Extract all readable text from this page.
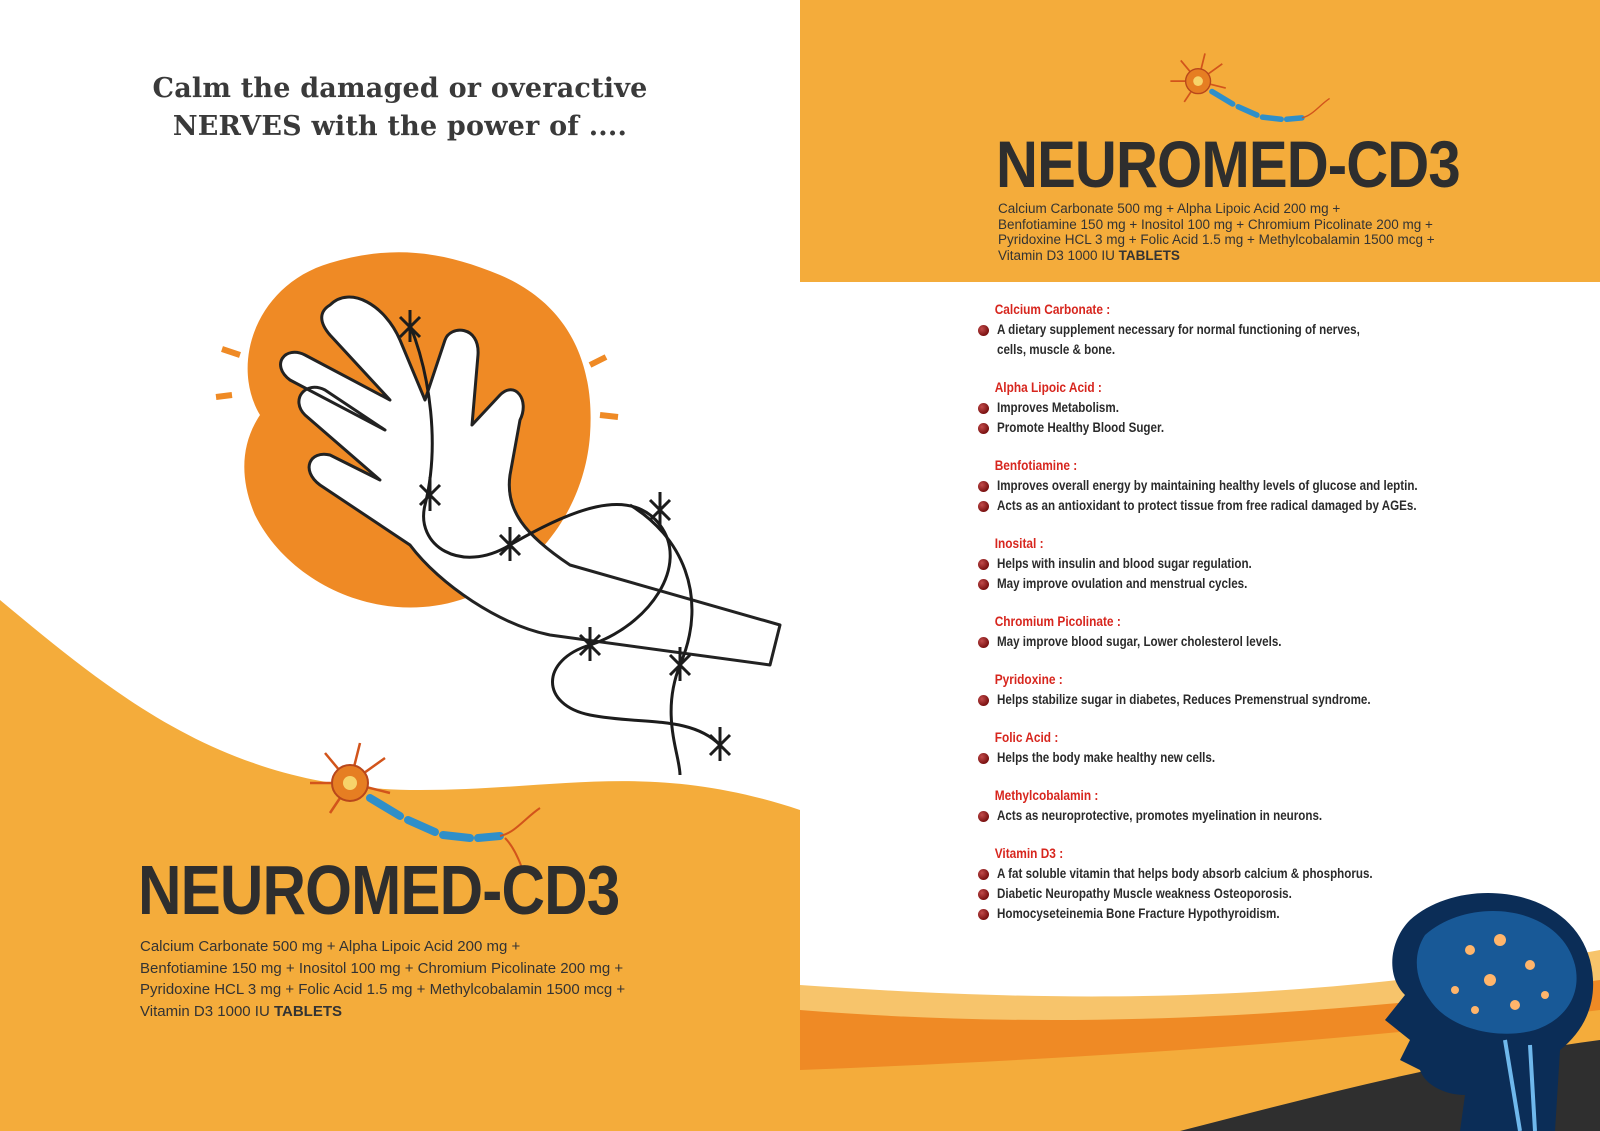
Calm the damaged or overactive
NERVES with the power of ....
NEUROMED-CD3
Calcium Carbonate 500 mg + Alpha Lipoic Acid 200 mg +
Benfotiamine 150 mg + Inositol 100 mg + Chromium Picolinate 200 mg +
Pyridoxine HCL 3 mg + Folic Acid 1.5 mg + Methylcobalamin 1500 mcg +
Vitamin D3 1000 IU TABLETS
NEUROMED-CD3
Calcium Carbonate 500 mg + Alpha Lipoic Acid 200 mg +
Benfotiamine 150 mg + Inositol 100 mg + Chromium Picolinate 200 mg +
Pyridoxine HCL 3 mg + Folic Acid 1.5 mg + Methylcobalamin 1500 mcg +
Vitamin D3 1000 IU TABLETS
Calcium Carbonate :
A dietary supplement necessary for normal functioning of nerves, cells, muscle & bone.
Alpha Lipoic Acid :
Improves Metabolism.
Promote Healthy Blood Suger.
Benfotiamine :
Improves overall energy by maintaining healthy levels of glucose and leptin.
Acts as an antioxidant to protect tissue from free radical damaged by AGEs.
Inosital :
Helps with insulin and blood sugar regulation.
May improve ovulation and menstrual cycles.
Chromium Picolinate :
May improve blood sugar, Lower cholesterol levels.
Pyridoxine :
Helps stabilize sugar in diabetes, Reduces Premenstrual syndrome.
Folic Acid :
Helps the body make healthy new cells.
Methylcobalamin :
Acts as neuroprotective, promotes myelination in neurons.
Vitamin D3 :
A fat soluble vitamin that helps body absorb calcium & phosphorus.
Diabetic Neuropathy Muscle weakness Osteoporosis.
Homocyseteinemia Bone Fracture Hypothyroidism.
